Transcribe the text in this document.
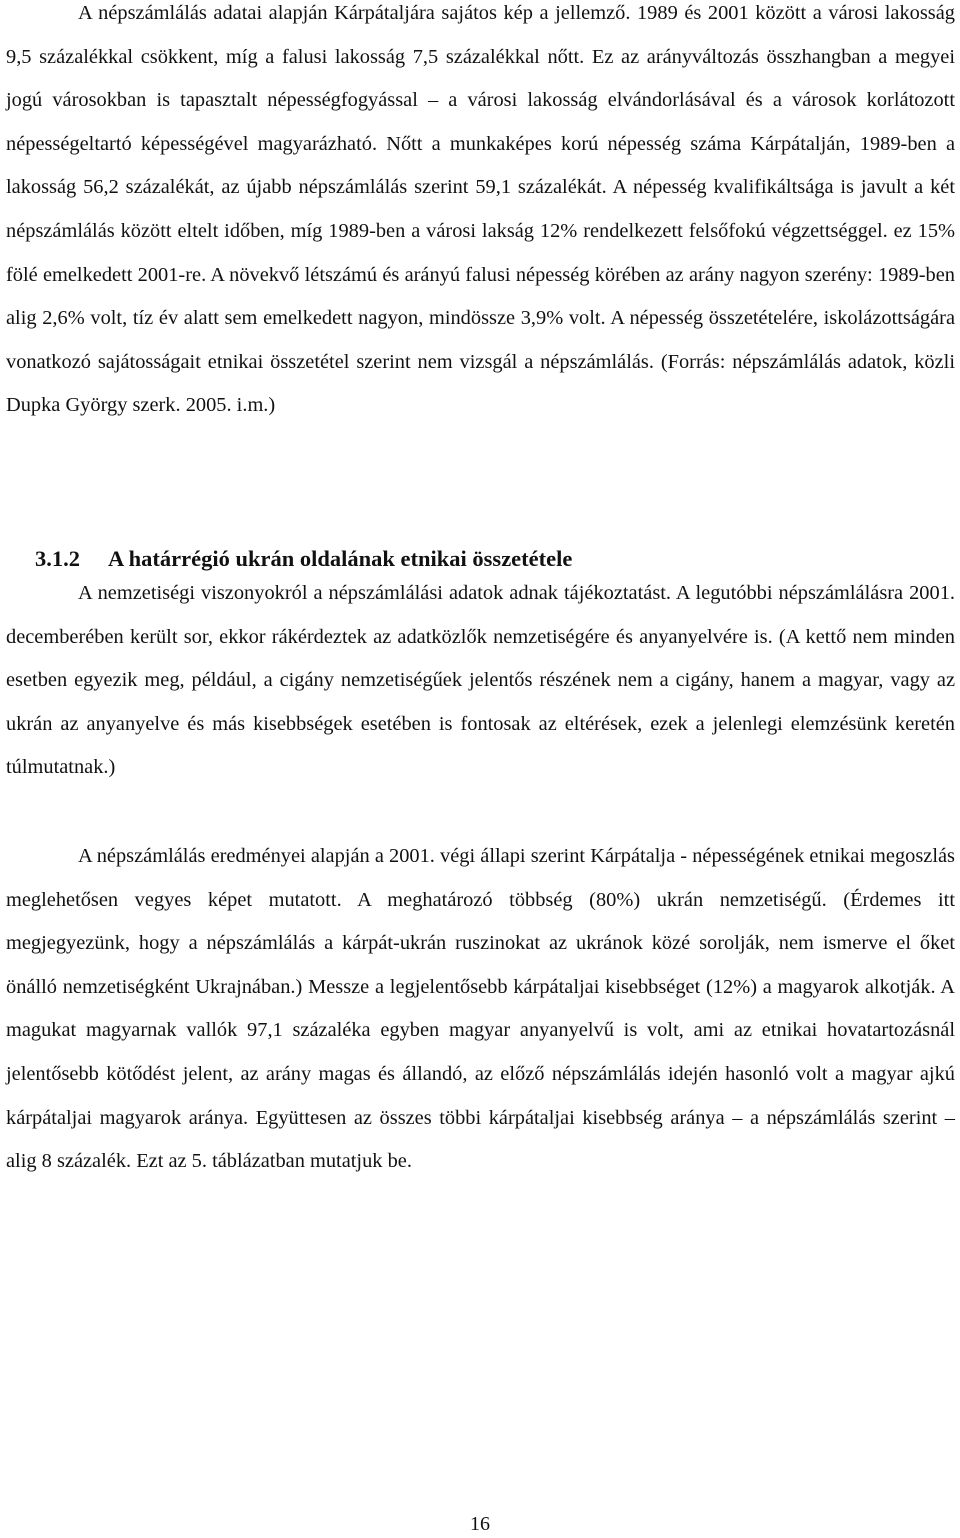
A népszámlálás adatai alapján Kárpátaljára sajátos kép a jellemző. 1989 és 2001 között a városi lakosság 9,5 százalékkal csökkent, míg a falusi lakosság 7,5 százalékkal nőtt. Ez az arányváltozás összhangban a megyei jogú városokban is tapasztalt népességfogyással – a városi lakosság elvándorlásával és a városok korlátozott népességeltartó képességével magyarázható. Nőtt a munkaképes korú népesség száma Kárpátalján, 1989-ben a lakosság 56,2 százalékát, az újabb népszámlálás szerint 59,1 százalékát. A népesség kvalifikáltsága is javult a két népszámlálás között eltelt időben, míg 1989-ben a városi lakság 12% rendelkezett felsőfokú végzettséggel. ez 15% fölé emelkedett 2001-re. A növekvő létszámú és arányú falusi népesség körében az arány nagyon szerény: 1989-ben alig 2,6% volt, tíz év alatt sem emelkedett nagyon, mindössze 3,9% volt. A népesség összetételére, iskolázottságára vonatkozó sajátosságait etnikai összetétel szerint nem vizsgál a népszámlálás. (Forrás: népszámlálás adatok, közli Dupka György szerk. 2005. i.m.)

3.1.2 A határrégió ukrán oldalának etnikai összetétele

A nemzetiségi viszonyokról a népszámlálási adatok adnak tájékoztatást. A legutóbbi népszámlálásra 2001. decemberében került sor, ekkor rákérdeztek az adatközlők nemzetiségére és anyanyelvére is. (A kettő nem minden esetben egyezik meg, például, a cigány nemzetiségűek jelentős részének nem a cigány, hanem a magyar, vagy az ukrán az anyanyelve és más kisebbségek esetében is fontosak az eltérések, ezek a jelenlegi elemzésünk keretén túlmutatnak.)

A népszámlálás eredményei alapján a 2001. végi állapi szerint Kárpátalja - népességének etnikai megoszlás meglehetősen vegyes képet mutatott. A meghatározó többség (80%) ukrán nemzetiségű. (Érdemes itt megjegyezünk, hogy a népszámlálás a kárpát-ukrán ruszinokat az ukránok közé sorolják, nem ismerve el őket önálló nemzetiségként Ukrajnában.) Messze a legjelentősebb kárpátaljai kisebbséget (12%) a magyarok alkotják. A magukat magyarnak vallók 97,1 százaléka egyben magyar anyanyelvű is volt, ami az etnikai hovatartozásnál jelentősebb kötődést jelent, az arány magas és állandó, az előző népszámlálás idején hasonló volt a magyar ajkú kárpátaljai magyarok aránya. Együttesen az összes többi kárpátaljai kisebbség aránya – a népszámlálás szerint – alig 8 százalék. Ezt az 5. táblázatban mutatjuk be.

16
